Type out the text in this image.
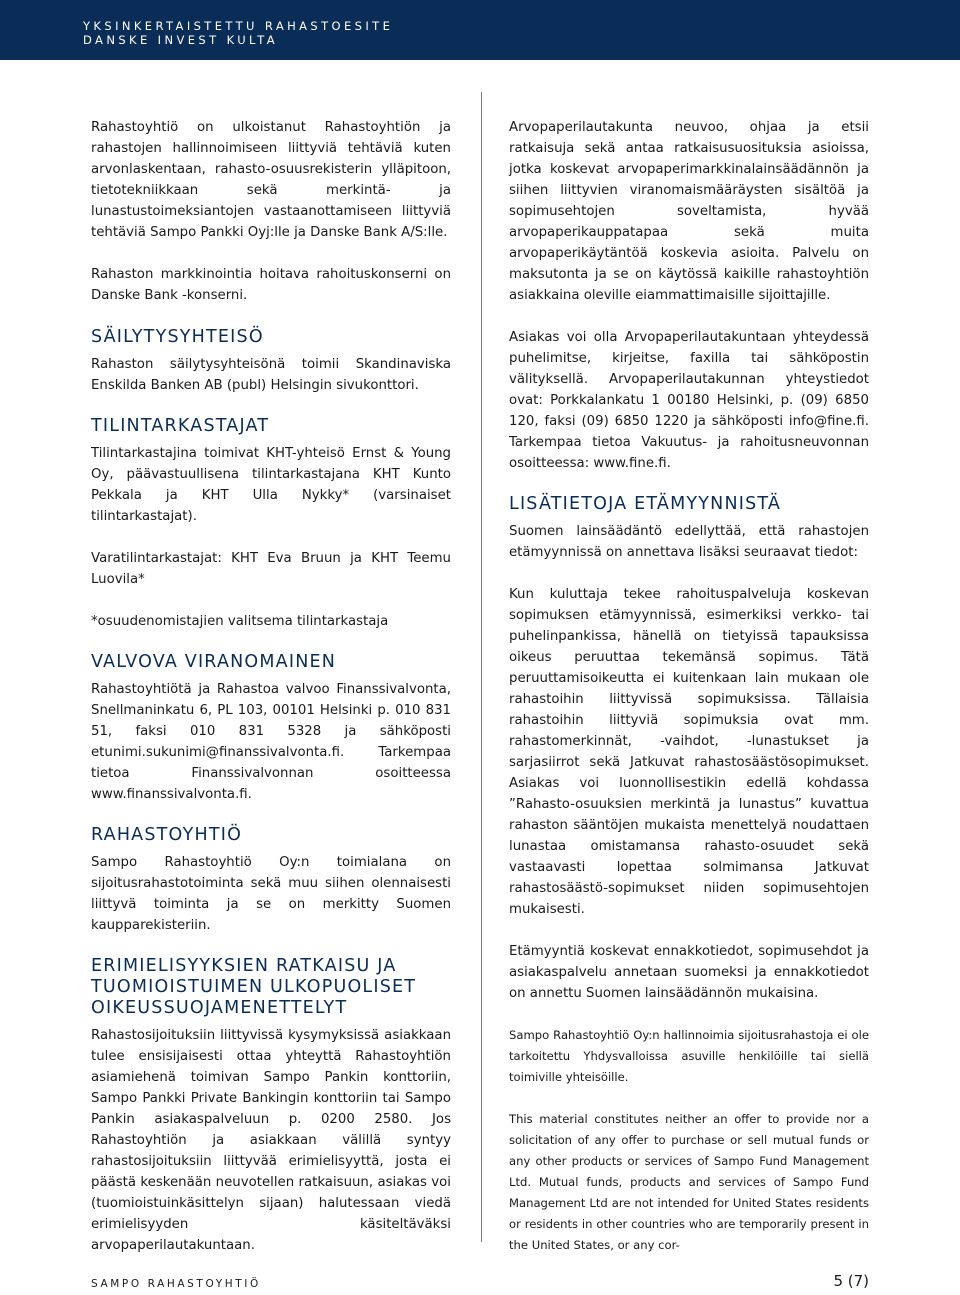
YKSINKERTAISTETTU RAHASTOESITE
DANSKE INVEST KULTA

Rahastoyhtiö on ulkoistanut Rahastoyhtiön ja rahastojen hallinnoimiseen liittyviä tehtäviä kuten arvonlaskentaan, rahasto-osuusrekisterin ylläpitoon, tietotekniikkaan sekä merkintä- ja lunastustoimeksiantojen vastaanottamiseen liittyviä tehtäviä Sampo Pankki Oyj:lle ja Danske Bank A/S:lle.

Rahaston markkinointia hoitava rahoituskonserni on Danske Bank -konserni.

SÄILYTYSYHTEISÖ

Rahaston säilytysyhteisönä toimii Skandinaviska Enskilda Banken AB (publ) Helsingin sivukonttori.

TILINTARKASTAJAT

Tilintarkastajina toimivat KHT-yhteisö Ernst & Young Oy, päävastuullisena tilintarkastajana KHT Kunto Pekkala ja KHT Ulla Nykky* (varsinaiset tilintarkastajat).

Varatilintarkastajat: KHT Eva Bruun ja KHT Teemu Luovila*

*osuudenomistajien valitsema tilintarkastaja

VALVOVA VIRANOMAINEN

Rahastoyhtiötä ja Rahastoa valvoo Finanssivalvonta, Snellmaninkatu 6, PL 103, 00101 Helsinki p. 010 831 51, faksi 010 831 5328 ja sähköposti etunimi.sukunimi@finanssivalvonta.fi. Tarkempaa tietoa Finanssivalvonnan osoitteessa www.finanssivalvonta.fi.

RAHASTOYHTIÖ

Sampo Rahastoyhtiö Oy:n toimialana on sijoitusrahastotoiminta sekä muu siihen olennaisesti liittyvä toiminta ja se on merkitty Suomen kaupparekisteriin.

ERIMIELISYYKSIEN RATKAISU JA TUOMIOISTUIMEN ULKOPUOLISET OIKEUSSUOJAMENETTELYT

Rahastosijoituksiin liittyvissä kysymyksissä asiakkaan tulee ensisijaisesti ottaa yhteyttä Rahastoyhtiön asiamiehenä toimivan Sampo Pankin konttoriin, Sampo Pankki Private Bankingin konttoriin tai Sampo Pankin asiakaspalveluun p. 0200 2580. Jos Rahastoyhtiön ja asiakkaan välillä syntyy rahastosijoituksiin liittyvää erimielisyyttä, josta ei päästä keskenään neuvotellen ratkaisuun, asiakas voi (tuomioistuinkäsittelyn sijaan) halutessaan viedä erimielisyyden käsiteltäväksi arvopaperilautakuntaan.

Arvopaperilautakunta neuvoo, ohjaa ja etsii ratkaisuja sekä antaa ratkaisusuosituksia asioissa, jotka koskevat arvopaperimarkkinalainsäädännön ja siihen liittyvien viranomaismääräysten sisältöä ja sopimusehtojen soveltamista, hyvää arvopaperikauppatapaa sekä muita arvopaperikäytäntöä koskevia asioita. Palvelu on maksutonta ja se on käytössä kaikille rahastoyhtiön asiakkaina oleville eiammattimaisille sijoittajille.

Asiakas voi olla Arvopaperilautakuntaan yhteydessä puhelimitse, kirjeitse, faxilla tai sähköpostin välityksellä. Arvopaperilautakunnan yhteystiedot ovat: Porkkalankatu 1 00180 Helsinki, p. (09) 6850 120, faksi (09) 6850 1220 ja sähköposti info@fine.fi. Tarkempaa tietoa Vakuutus- ja rahoitusneuvonnan osoitteessa: www.fine.fi.

LISÄTIETOJA ETÄMYYNNISTÄ

Suomen lainsäädäntö edellyttää, että rahastojen etämyynnissä on annettava lisäksi seuraavat tiedot:

Kun kuluttaja tekee rahoituspalveluja koskevan sopimuksen etämyynnissä, esimerkiksi verkko- tai puhelinpankissa, hänellä on tietyissä tapauksissa oikeus peruuttaa tekemänsä sopimus. Tätä peruuttamisoikeutta ei kuitenkaan lain mukaan ole rahastoihin liittyvissä sopimuksissa. Tällaisia rahastoihin liittyviä sopimuksia ovat mm. rahastomerkinnät, -vaihdot, -lunastukset ja sarjasiirrot sekä Jatkuvat rahastosäästösopimukset. Asiakas voi luonnollisestikin edellä kohdassa ”Rahasto-osuuksien merkintä ja lunastus” kuvattua rahaston sääntöjen mukaista menettelyä noudattaen lunastaa omistamansa rahasto-osuudet sekä vastaavasti lopettaa solmimansa Jatkuvat rahastosäästö-sopimukset niiden sopimusehtojen mukaisesti.

Etämyyntiä koskevat ennakkotiedot, sopimusehdot ja asiakaspalvelu annetaan suomeksi ja ennakkotiedot on annettu Suomen lainsäädännön mukaisina.

Sampo Rahastoyhtiö Oy:n hallinnoimia sijoitusrahastoja ei ole tarkoitettu Yhdysvalloissa asuville henkilöille tai siellä toimiville yhteisöille.

This material constitutes neither an offer to provide nor a solicitation of any offer to purchase or sell mutual funds or any other products or services of Sampo Fund Management Ltd. Mutual funds, products and services of Sampo Fund Management Ltd are not intended for United States residents or residents in other countries who are temporarily present in the United States, or any cor-

SAMPO RAHASTOYHTIÖ	5 (7)
